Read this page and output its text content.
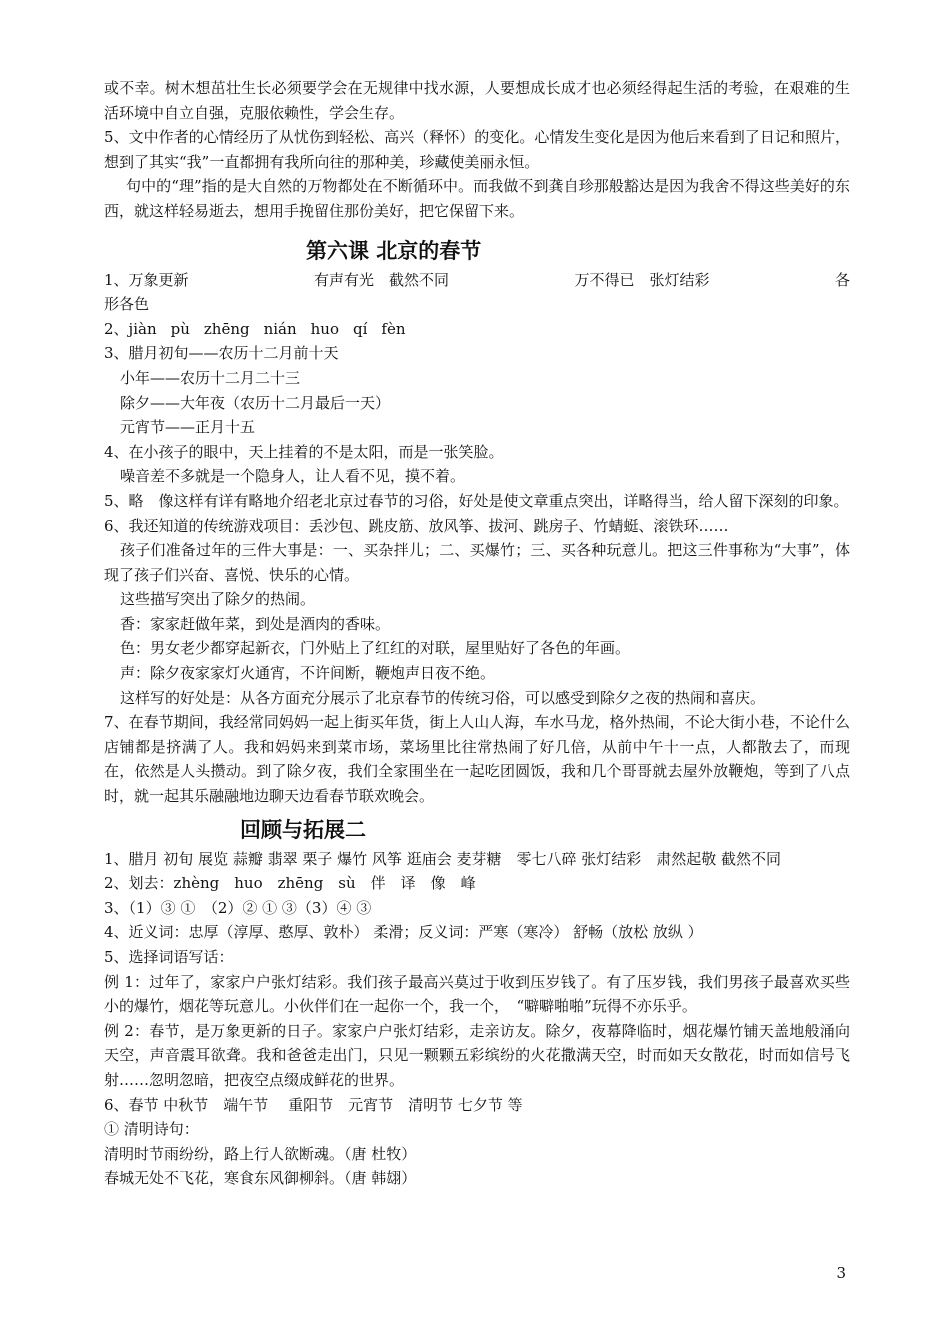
或不幸。树木想茁壮生长必须要学会在无规律中找水源，人要想成长成才也必须经得起生活的考验，在艰难的生活环境中自立自强，克服依赖性，学会生存。
5、文中作者的心情经历了从忧伤到轻松、高兴（释怀）的变化。心情发生变化是因为他后来看到了日记和照片，想到了其实“我”一直都拥有我所向往的那种美，珍藏使美丽永恒。
句中的“理”指的是大自然的万物都处在不断循环中。而我做不到龚自珍那般豁达是因为我舍不得这些美好的东西，就这样轻易逝去，想用手挽留住那份美好，把它保留下来。
第六课 北京的春节
1、万象更新	有声有光　截然不同	万不得已　张灯结彩	各
形各色
2、jiàn pù zhēng nián huo qí fèn
3、腊月初旬——农历十二月前十天
小年——农历十二月二十三
除夕——大年夜（农历十二月最后一天）
元宵节——正月十五
4、在小孩子的眼中，天上挂着的不是太阳，而是一张笑脸。
噪音差不多就是一个隐身人，让人看不见，摸不着。
5、略　像这样有详有略地介绍老北京过春节的习俗，好处是使文章重点突出，详略得当，给人留下深刻的印象。
6、我还知道的传统游戏项目：丢沙包、跳皮筋、放风筝、拔河、跳房子、竹蜻蜓、滚铁环……
孩子们准备过年的三件大事是：一、买杂拌儿；二、买爆竹；三、买各种玩意儿。把这三件事称为“大事”，体现了孩子们兴奋、喜悦、快乐的心情。
这些描写突出了除夕的热闹。
香：家家赶做年菜，到处是酒肉的香味。
色：男女老少都穿起新衣，门外贴上了红红的对联，屋里贴好了各色的年画。
声：除夕夜家家灯火通宵，不许间断，鞭炮声日夜不绝。
这样写的好处是：从各方面充分展示了北京春节的传统习俗，可以感受到除夕之夜的热闹和喜庆。
7、在春节期间，我经常同妈妈一起上街买年货，街上人山人海，车水马龙，格外热闹，不论大街小巷，不论什么店铺都是挤满了人。我和妈妈来到菜市场，菜场里比往常热闹了好几倍，从前中午十一点，人都散去了，而现在，依然是人头攒动。到了除夕夜，我们全家围坐在一起吃团圆饭，我和几个哥哥就去屋外放鞭炮，等到了八点时，就一起其乐融融地边聊天边看春节联欢晚会。
回顾与拓展二
1、腊月 初旬 展览 蒜瓣 翡翠 栗子 爆竹 风筝 逛庙会 麦芽糖　零七八碎 张灯结彩　肃然起敬 截然不同
2、划去：zhèng　huo　zhēng　sù　伴　译　像　峰
3、（1）③ ①　（2）② ① ③（3）④ ③
4、近义词：忠厚（淳厚、憨厚、敦朴） 柔滑；反义词：严寒（寒冷） 舒畅（放松 放纵 ）
5、选择词语写话：
例 1：过年了，家家户户张灯结彩。我们孩子最高兴莫过于收到压岁钱了。有了压岁钱，我们男孩子最喜欢买些小的爆竹，烟花等玩意儿。小伙伴们在一起你一个，我一个，　“噼噼啪啪”玩得不亦乐乎。
例 2：春节，是万象更新的日子。家家户户张灯结彩，走亲访友。除夕，夜幕降临时，烟花爆竹铺天盖地般涌向天空，声音震耳欲聋。我和爸爸走出门，只见一颗颗五彩缤纷的火花撒满天空，时而如天女散花，时而如信号飞射……忽明忽暗，把夜空点缀成鲜花的世界。
6、春节 中秋节　端午节　 重阳节　元宵节　清明节 七夕节 等
① 清明诗句：
清明时节雨纷纷，路上行人欲断魂。（唐 杜牧）
春城无处不飞花，寒食东风御柳斜。（唐 韩翃）
3
